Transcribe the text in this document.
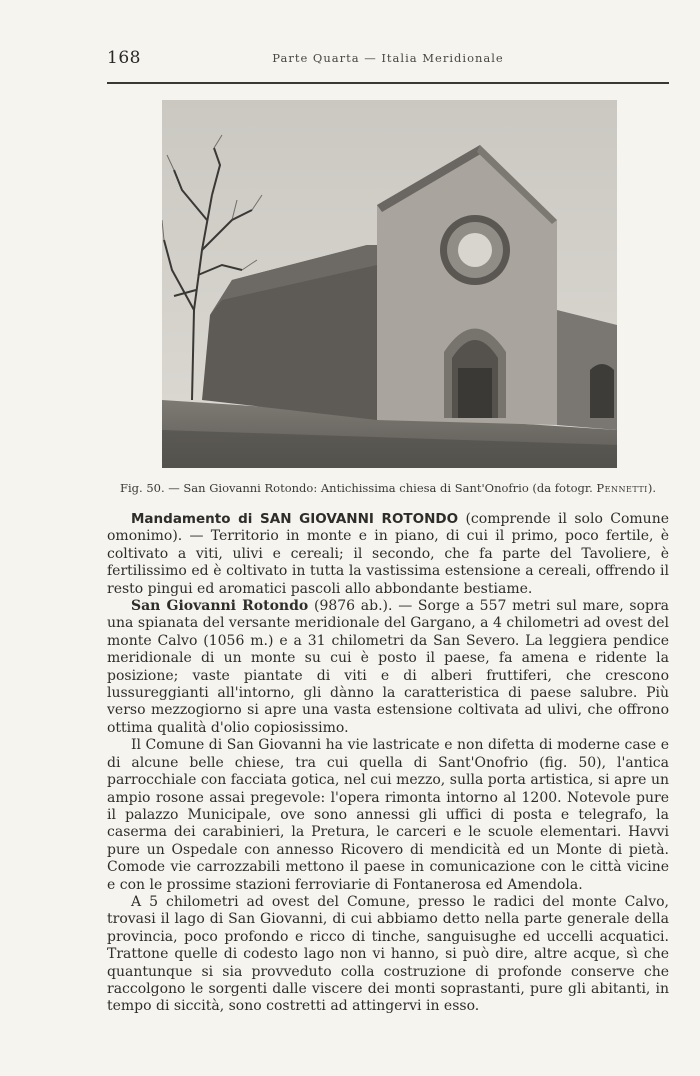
168	Parte Quarta — Italia Meridionale
Fig. 50. — San Giovanni Rotondo: Antichissima chiesa di Sant'Onofrio (da fotogr. Pennetti).

Mandamento di SAN GIOVANNI ROTONDO (comprende il solo Comune omonimo). — Territorio in monte e in piano, di cui il primo, poco fertile, è coltivato a viti, ulivi e cereali; il secondo, che fa parte del Tavoliere, è fertilissimo ed è coltivato in tutta la vastissima estensione a cereali, offrendo il resto pingui ed aromatici pascoli allo abbondante bestiame.

San Giovanni Rotondo (9876 ab.). — Sorge a 557 metri sul mare, sopra una spianata del versante meridionale del Gargano, a 4 chilometri ad ovest del monte Calvo (1056 m.) e a 31 chilometri da San Severo. La leggiera pendice meridionale di un monte su cui è posto il paese, fa amena e ridente la posizione; vaste piantate di viti e di alberi fruttiferi, che crescono lussureggianti all'intorno, gli dànno la caratteristica di paese salubre. Più verso mezzogiorno si apre una vasta estensione coltivata ad ulivi, che offrono ottima qualità d'olio copiosissimo.

Il Comune di San Giovanni ha vie lastricate e non difetta di moderne case e di alcune belle chiese, tra cui quella di Sant'Onofrio (fig. 50), l'antica parrocchiale con facciata gotica, nel cui mezzo, sulla porta artistica, si apre un ampio rosone assai pregevole: l'opera rimonta intorno al 1200. Notevole pure il palazzo Municipale, ove sono annessi gli uffici di posta e telegrafo, la caserma dei carabinieri, la Pretura, le carceri e le scuole elementari. Havvi pure un Ospedale con annesso Ricovero di mendicità ed un Monte di pietà. Comode vie carrozzabili mettono il paese in comunicazione con le città vicine e con le prossime stazioni ferroviarie di Fontanerosa ed Amendola.

A 5 chilometri ad ovest del Comune, presso le radici del monte Calvo, trovasi il lago di San Giovanni, di cui abbiamo detto nella parte generale della provincia, poco profondo e ricco di tinche, sanguisughe ed uccelli acquatici. Trattone quelle di codesto lago non vi hanno, si può dire, altre acque, sì che quantunque si sia provveduto colla costruzione di profonde conserve che raccolgono le sorgenti dalle viscere dei monti soprastanti, pure gli abitanti, in tempo di siccità, sono costretti ad attingervi in esso.
